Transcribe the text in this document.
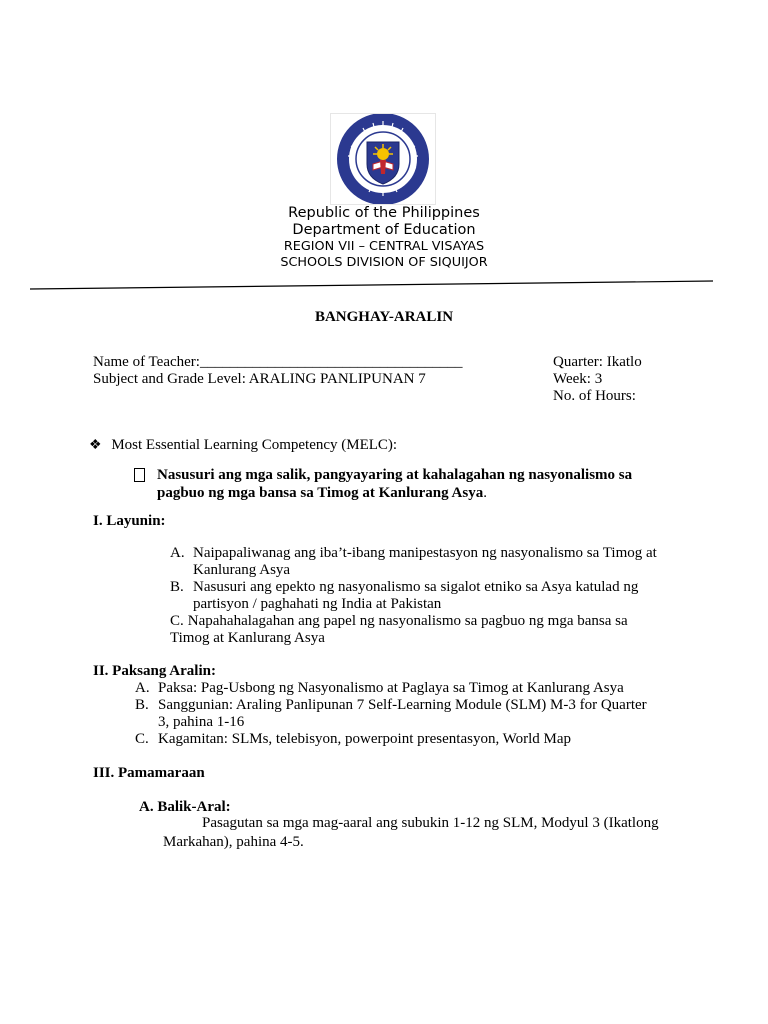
Republic of the Philippines
Department of Education
REGION VII – CENTRAL VISAYAS
SCHOOLS DIVISION OF SIQUIJOR
BANGHAY-ARALIN
Name of Teacher:___________________________________
Subject and Grade Level: ARALING PANLIPUNAN 7
Quarter: Ikatlo
Week: 3
No. of Hours:
❖ Most Essential Learning Competency (MELC):
Nasusuri ang mga salik, pangyayaring at kahalagahan ng nasyonalismo sa
pagbuo ng mga bansa sa Timog at Kanlurang Asya.
I. Layunin:
A. Naipapaliwanag ang iba’t-ibang manipestasyon ng nasyonalismo sa Timog at
Kanlurang Asya
B. Nasusuri ang epekto ng nasyonalismo sa sigalot etniko sa Asya katulad ng
partisyon / paghahati ng India at Pakistan
C. Napahahalagahan ang papel ng nasyonalismo sa pagbuo ng mga bansa sa
Timog at Kanlurang Asya
II. Paksang Aralin:
A. Paksa: Pag-Usbong ng Nasyonalismo at Paglaya sa Timog at Kanlurang Asya
B. Sanggunian: Araling Panlipunan 7 Self-Learning Module (SLM) M-3 for Quarter
3, pahina 1-16
C. Kagamitan: SLMs, telebisyon, powerpoint presentasyon, World Map
III. Pamamaraan
A. Balik-Aral:
Pasagutan sa mga mag-aaral ang subukin 1-12 ng SLM, Modyul 3 (Ikatlong
Markahan), pahina 4-5.
